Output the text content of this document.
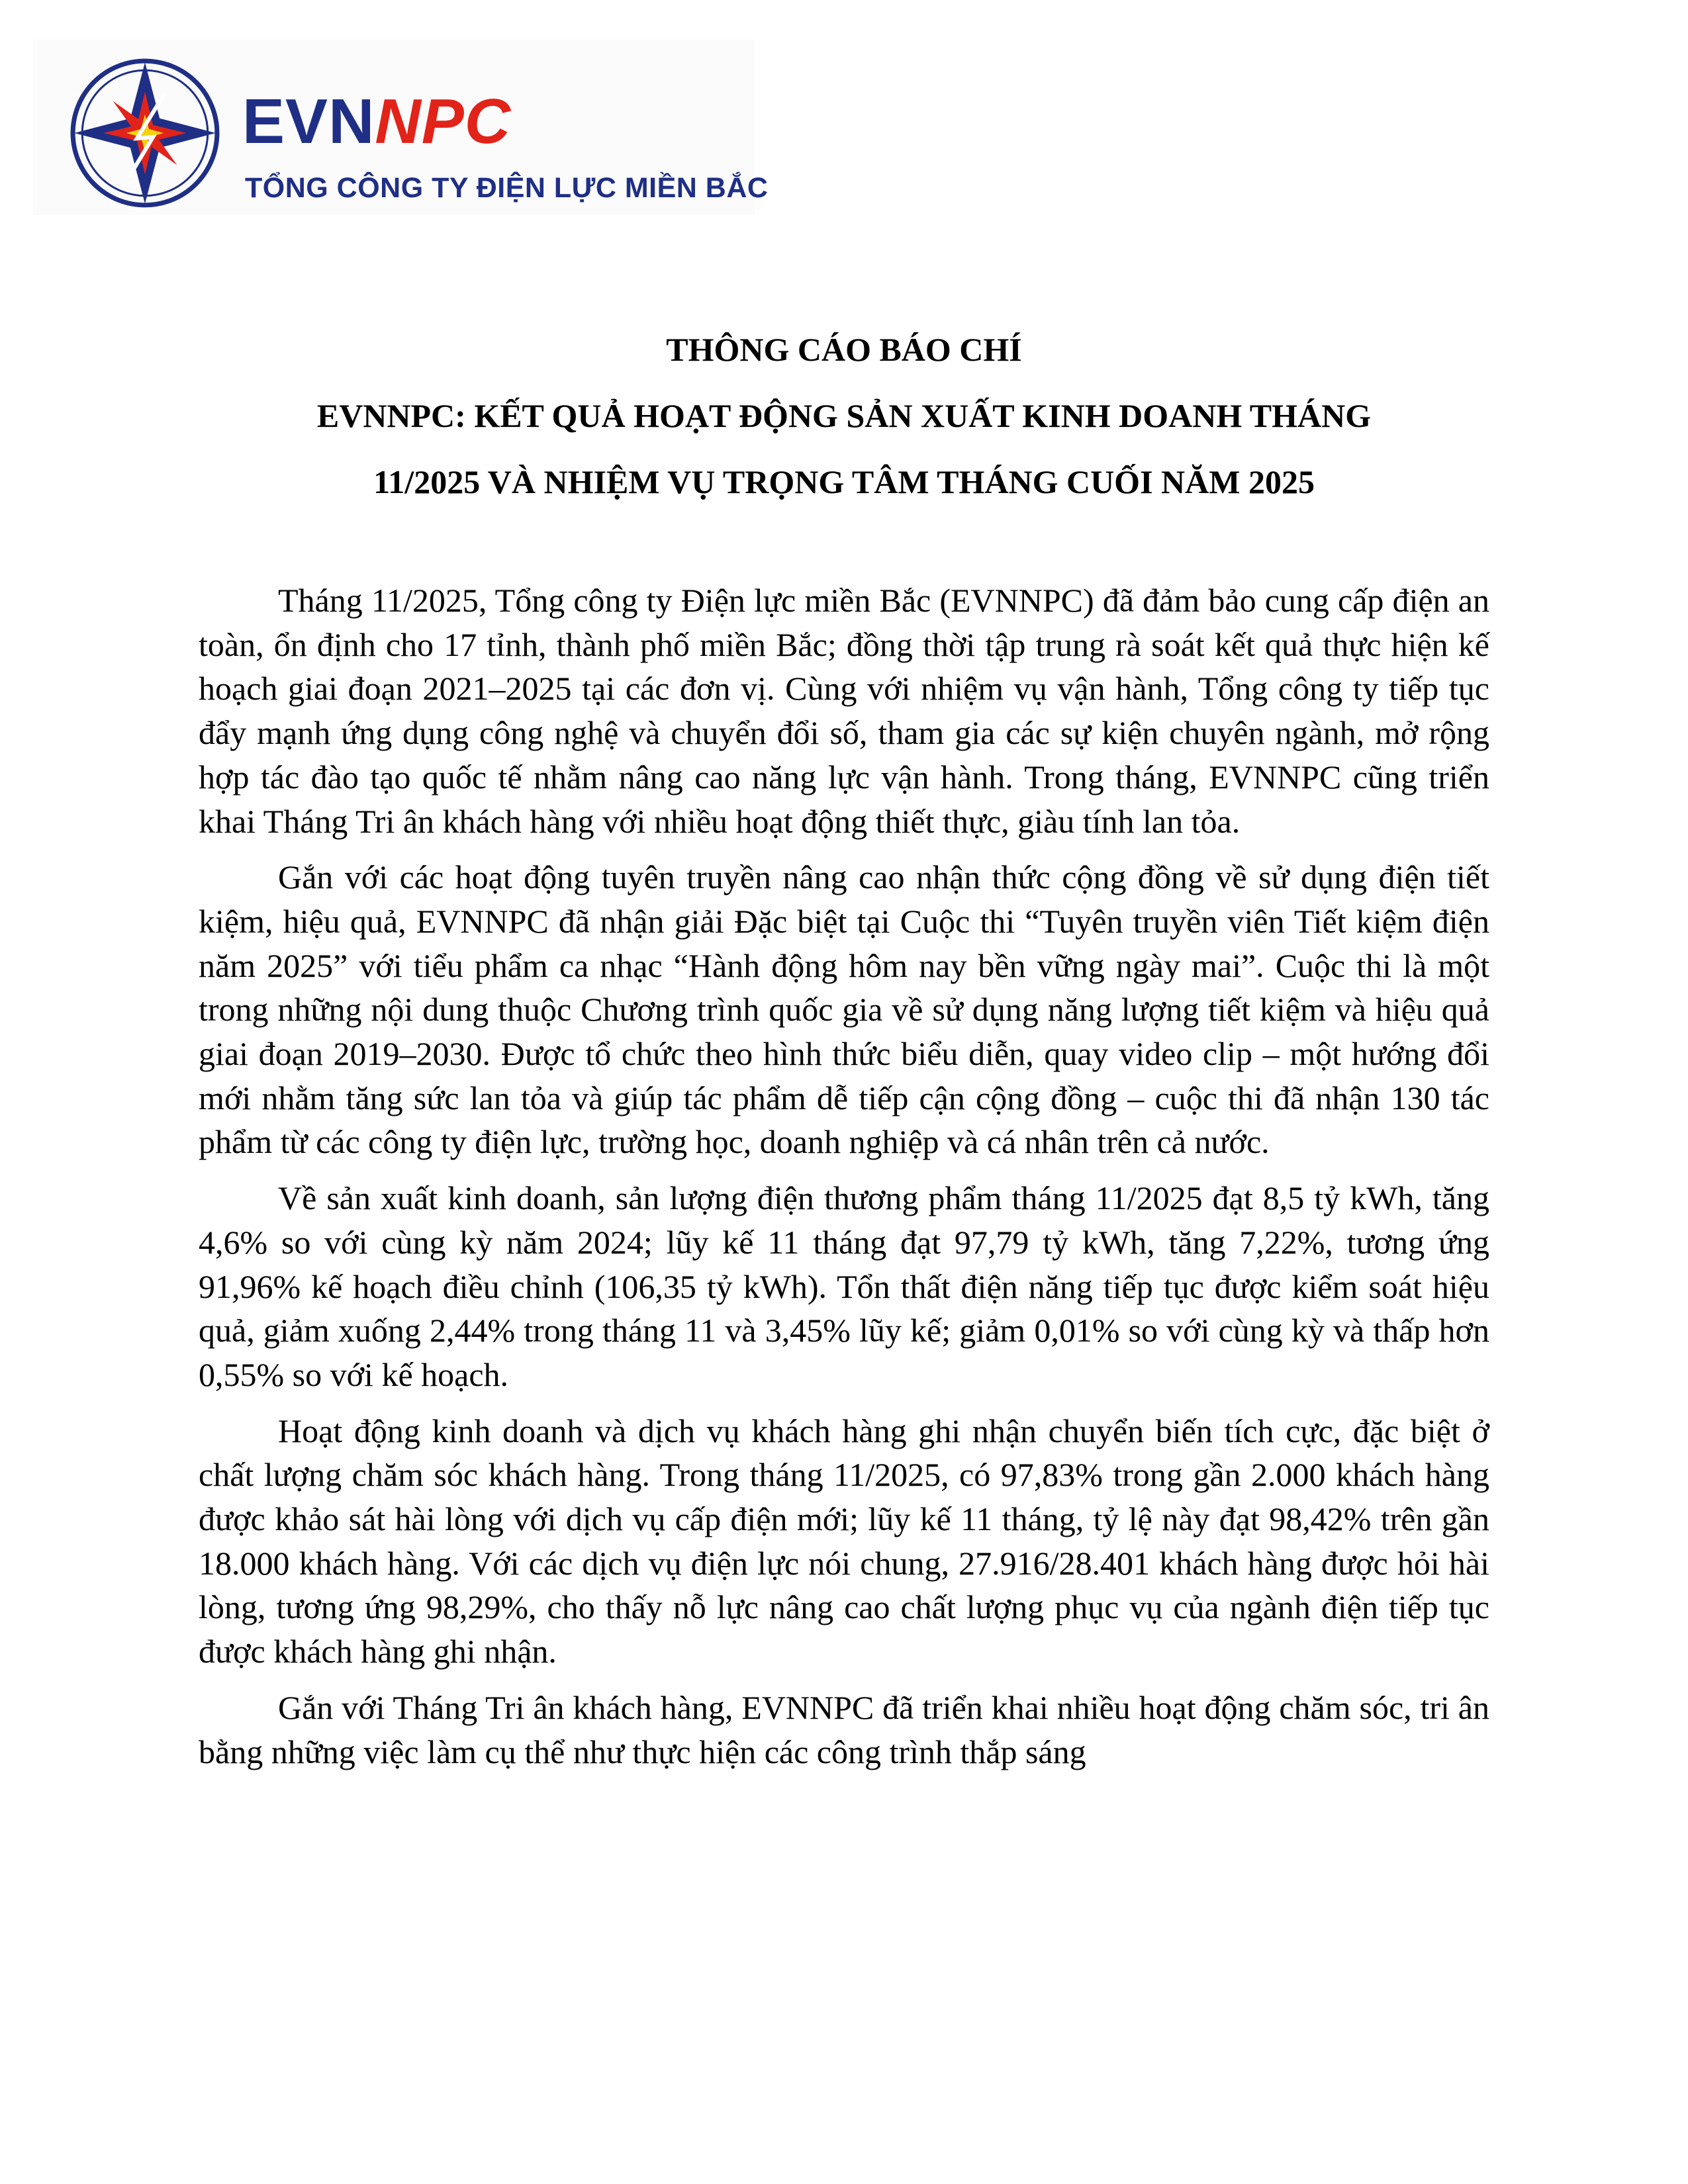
EVNNPC
TỔNG CÔNG TY ĐIỆN LỰC MIỀN BẮC
THÔNG CÁO BÁO CHÍ
EVNNPC: KẾT QUẢ HOẠT ĐỘNG SẢN XUẤT KINH DOANH THÁNG
11/2025 VÀ NHIỆM VỤ TRỌNG TÂM THÁNG CUỐI NĂM 2025

Tháng 11/2025, Tổng công ty Điện lực miền Bắc (EVNNPC) đã đảm bảo cung cấp điện an toàn, ổn định cho 17 tỉnh, thành phố miền Bắc; đồng thời tập trung rà soát kết quả thực hiện kế hoạch giai đoạn 2021–2025 tại các đơn vị. Cùng với nhiệm vụ vận hành, Tổng công ty tiếp tục đẩy mạnh ứng dụng công nghệ và chuyển đổi số, tham gia các sự kiện chuyên ngành, mở rộng hợp tác đào tạo quốc tế nhằm nâng cao năng lực vận hành. Trong tháng, EVNNPC cũng triển khai Tháng Tri ân khách hàng với nhiều hoạt động thiết thực, giàu tính lan tỏa.

Gắn với các hoạt động tuyên truyền nâng cao nhận thức cộng đồng về sử dụng điện tiết kiệm, hiệu quả, EVNNPC đã nhận giải Đặc biệt tại Cuộc thi “Tuyên truyền viên Tiết kiệm điện năm 2025” với tiểu phẩm ca nhạc “Hành động hôm nay bền vững ngày mai”. Cuộc thi là một trong những nội dung thuộc Chương trình quốc gia về sử dụng năng lượng tiết kiệm và hiệu quả giai đoạn 2019–2030. Được tổ chức theo hình thức biểu diễn, quay video clip – một hướng đổi mới nhằm tăng sức lan tỏa và giúp tác phẩm dễ tiếp cận cộng đồng – cuộc thi đã nhận 130 tác phẩm từ các công ty điện lực, trường học, doanh nghiệp và cá nhân trên cả nước.

Về sản xuất kinh doanh, sản lượng điện thương phẩm tháng 11/2025 đạt 8,5 tỷ kWh, tăng 4,6% so với cùng kỳ năm 2024; lũy kế 11 tháng đạt 97,79 tỷ kWh, tăng 7,22%, tương ứng 91,96% kế hoạch điều chỉnh (106,35 tỷ kWh). Tổn thất điện năng tiếp tục được kiểm soát hiệu quả, giảm xuống 2,44% trong tháng 11 và 3,45% lũy kế; giảm 0,01% so với cùng kỳ và thấp hơn 0,55% so với kế hoạch.

Hoạt động kinh doanh và dịch vụ khách hàng ghi nhận chuyển biến tích cực, đặc biệt ở chất lượng chăm sóc khách hàng. Trong tháng 11/2025, có 97,83% trong gần 2.000 khách hàng được khảo sát hài lòng với dịch vụ cấp điện mới; lũy kế 11 tháng, tỷ lệ này đạt 98,42% trên gần 18.000 khách hàng. Với các dịch vụ điện lực nói chung, 27.916/28.401 khách hàng được hỏi hài lòng, tương ứng 98,29%, cho thấy nỗ lực nâng cao chất lượng phục vụ của ngành điện tiếp tục được khách hàng ghi nhận.

Gắn với Tháng Tri ân khách hàng, EVNNPC đã triển khai nhiều hoạt động chăm sóc, tri ân bằng những việc làm cụ thể như thực hiện các công trình thắp sáng
